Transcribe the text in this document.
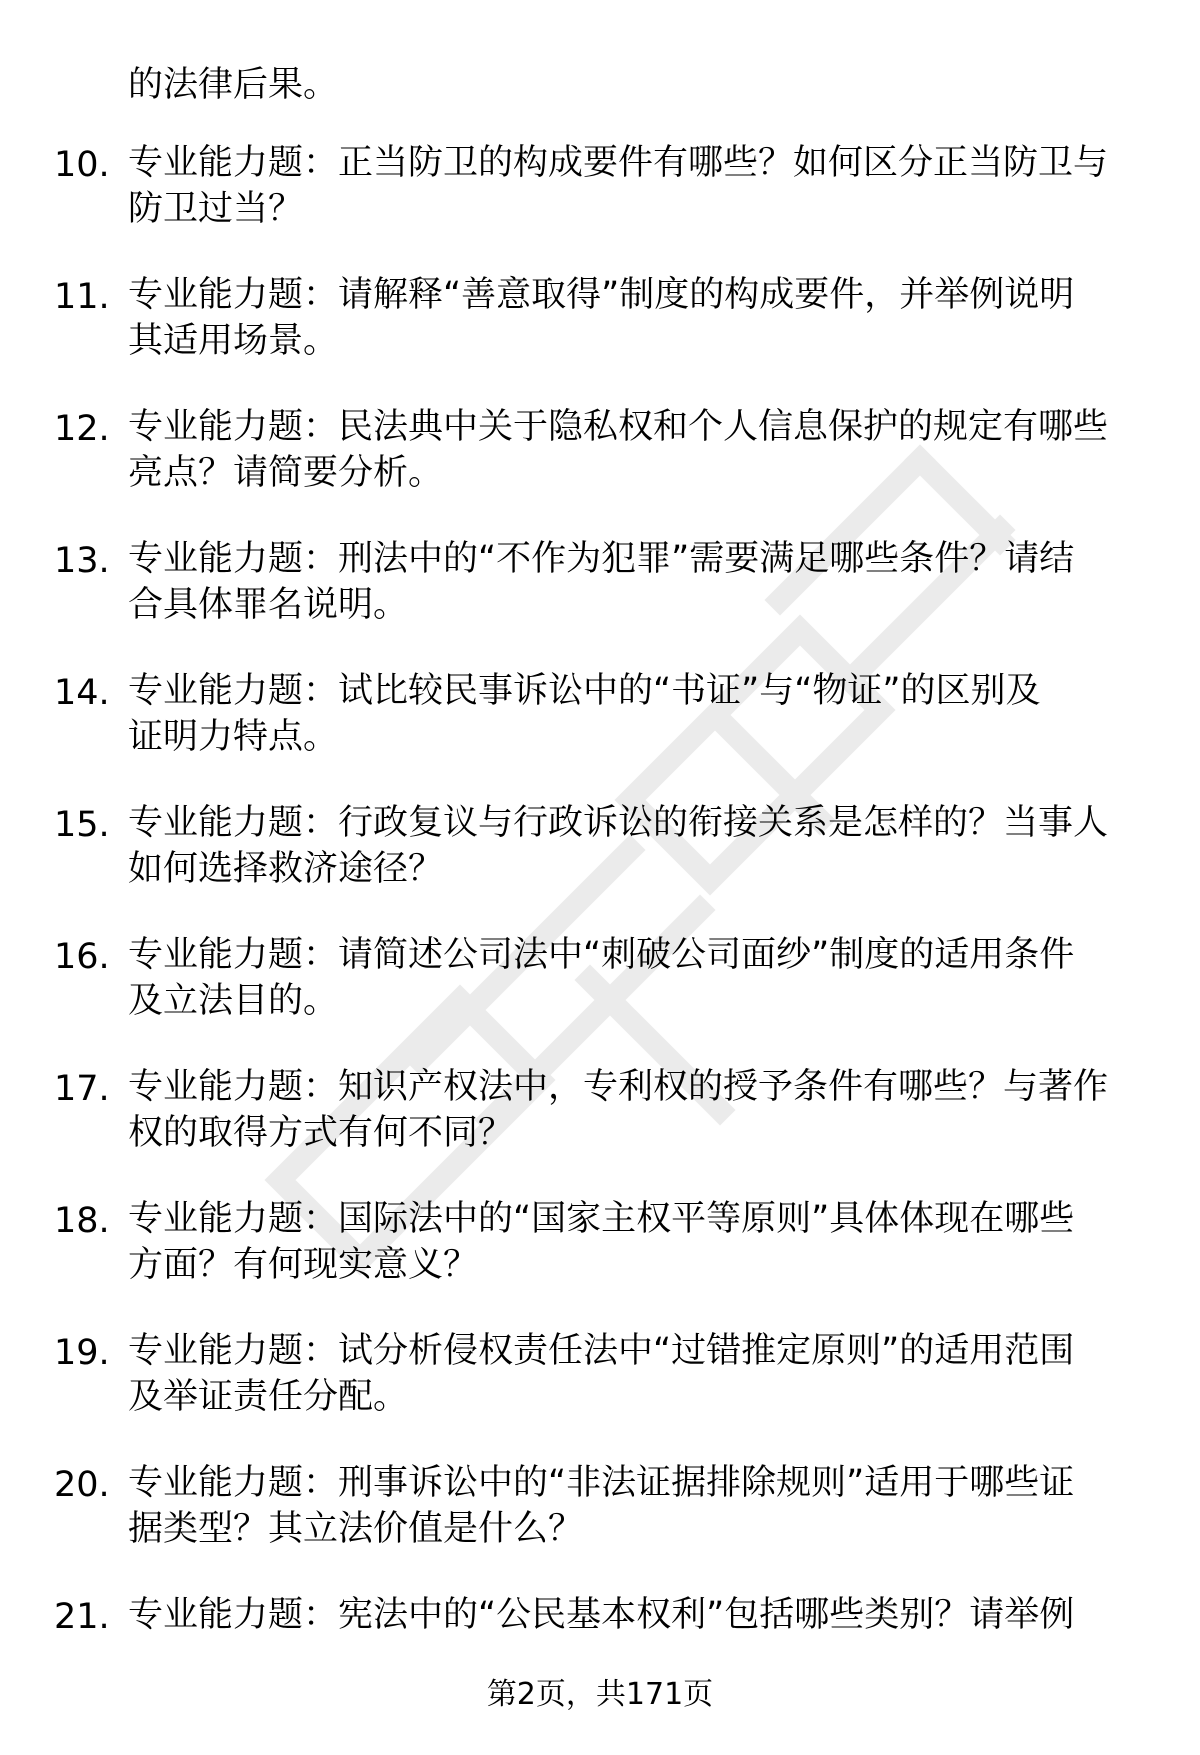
的法律后果。
10. 专业能力题：正当防卫的构成要件有哪些？如何区分正当防卫与
防卫过当？
11. 专业能力题：请解释“善意取得”制度的构成要件，并举例说明
其适用场景。
12. 专业能力题：民法典中关于隐私权和个人信息保护的规定有哪些
亮点？请简要分析。
13. 专业能力题：刑法中的“不作为犯罪”需要满足哪些条件？请结
合具体罪名说明。
14. 专业能力题：试比较民事诉讼中的“书证”与“物证”的区别及
证明力特点。
15. 专业能力题：行政复议与行政诉讼的衔接关系是怎样的？当事人
如何选择救济途径？
16. 专业能力题：请简述公司法中“刺破公司面纱”制度的适用条件
及立法目的。
17. 专业能力题：知识产权法中，专利权的授予条件有哪些？与著作
权的取得方式有何不同？
18. 专业能力题：国际法中的“国家主权平等原则”具体体现在哪些
方面？有何现实意义？
19. 专业能力题：试分析侵权责任法中“过错推定原则”的适用范围
及举证责任分配。
20. 专业能力题：刑事诉讼中的“非法证据排除规则”适用于哪些证
据类型？其立法价值是什么？
21. 专业能力题：宪法中的“公民基本权利”包括哪些类别？请举例
第2页，共171页
